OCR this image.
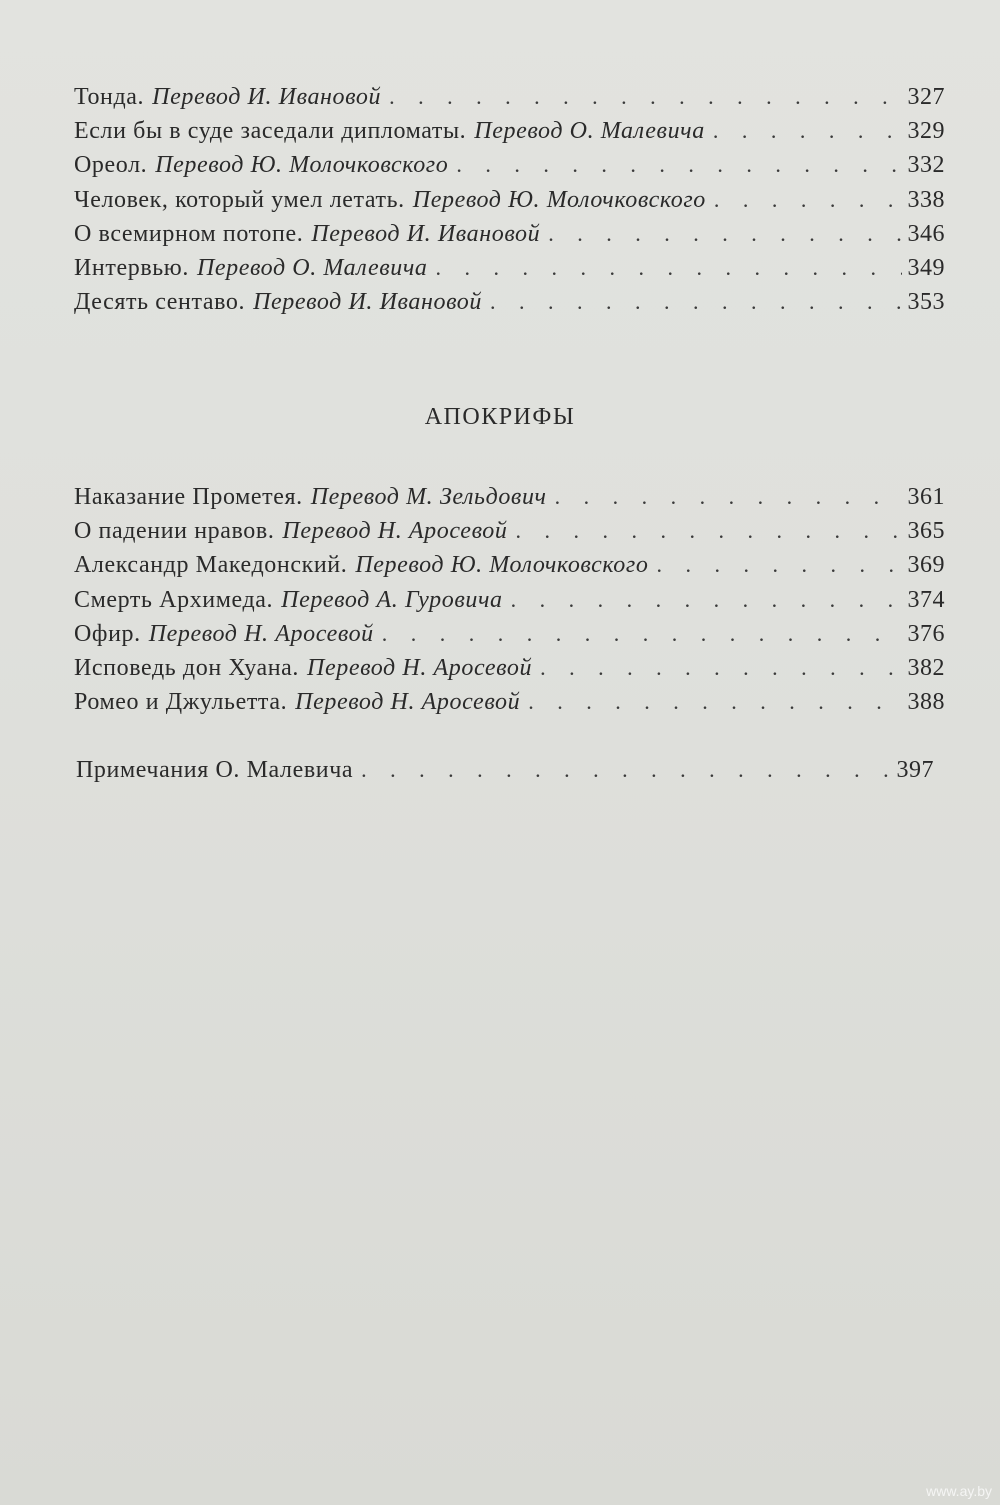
Тонда. Перевод И. Ивановой . . .	327
Если бы в суде заседали дипломаты. Перевод О. Малевича . . .	329
Ореол. Перевод Ю. Молочковского . . .	332
Человек, который умел летать. Перевод Ю. Молочковского . . .	338
О всемирном потопе. Перевод И. Ивановой . . .	346
Интервью. Перевод О. Малевича . . .	349
Десять сентаво. Перевод И. Ивановой . . .	353
АПОКРИФЫ
Наказание Прометея. Перевод М. Зельдович . . .	361
О падении нравов. Перевод Н. Аросевой . . .	365
Александр Македонский. Перевод Ю. Молочковского . . .	369
Смерть Архимеда. Перевод А. Гуровича . . .	374
Офир. Перевод Н. Аросевой . . .	376
Исповедь дон Хуана. Перевод Н. Аросевой . . .	382
Ромео и Джульетта. Перевод Н. Аросевой . . .	388
Примечания О. Малевича . . .	397
www.ay.by
